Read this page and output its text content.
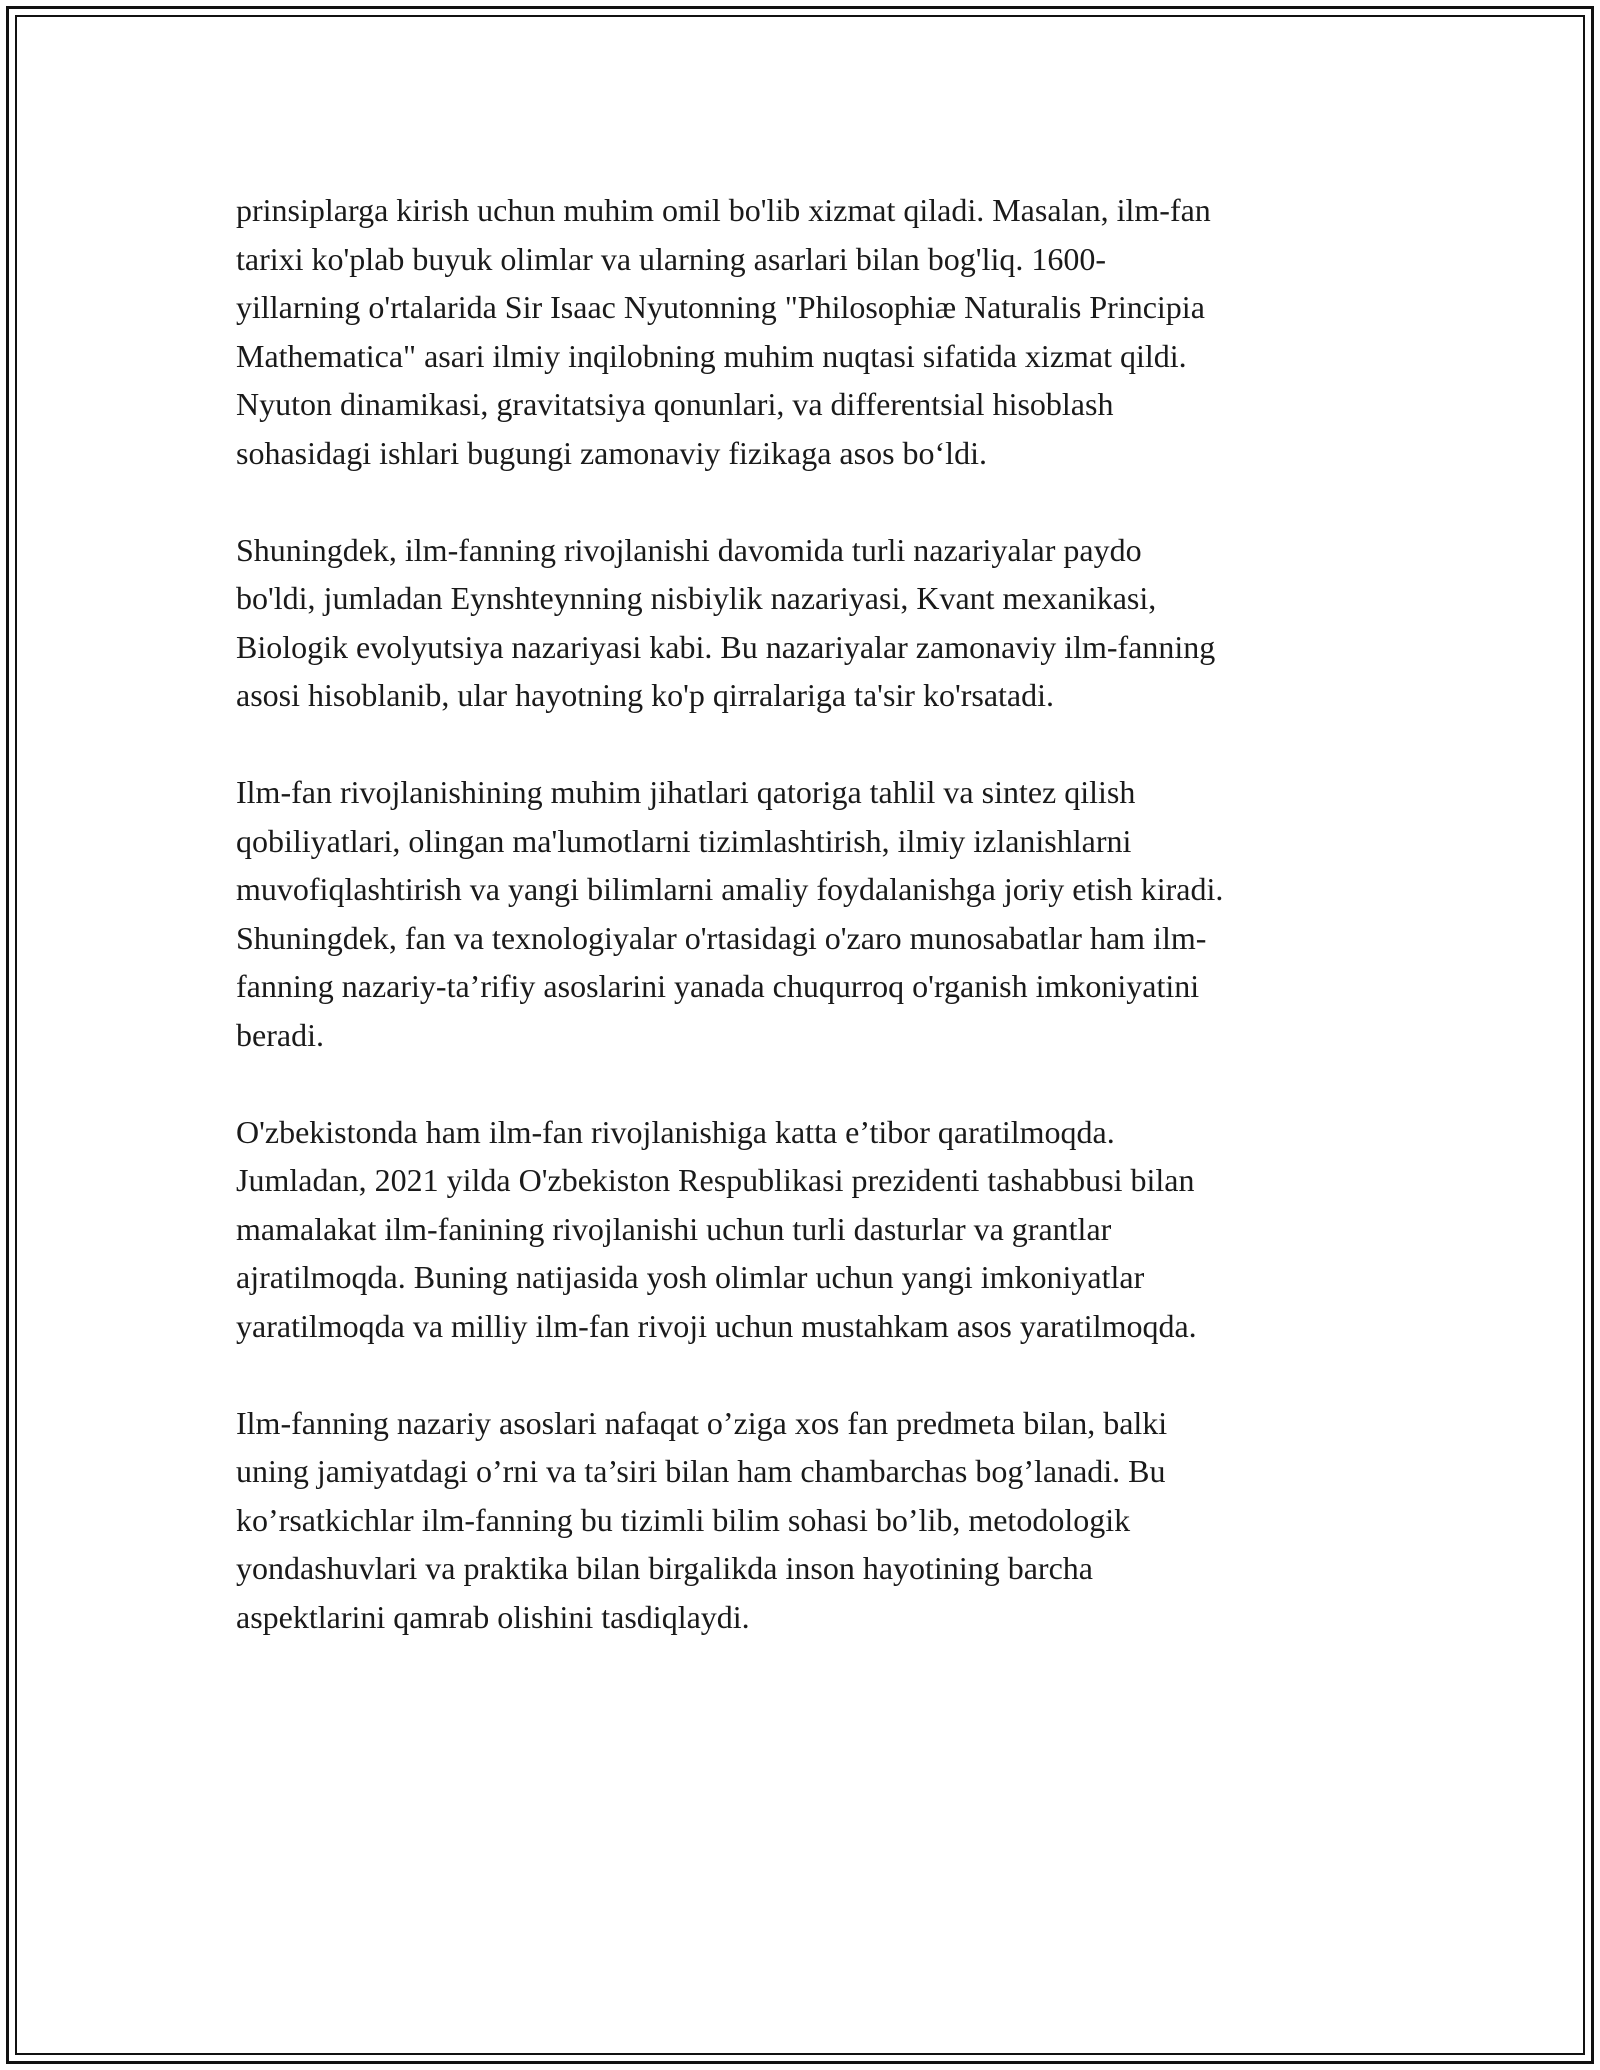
prinsiplarga kirish uchun muhim omil bo'lib xizmat qiladi. Masalan, ilm-fan
tarixi ko'plab buyuk olimlar va ularning asarlari bilan bog'liq. 1600-
yillarning o'rtalarida Sir Isaac Nyutonning "Philosophiæ Naturalis Principia
Mathematica" asari ilmiy inqilobning muhim nuqtasi sifatida xizmat qildi.
Nyuton dinamikasi, gravitatsiya qonunlari, va differentsial hisoblash
sohasidagi ishlari bugungi zamonaviy fizikaga asos bo‘ldi.

Shuningdek, ilm-fanning rivojlanishi davomida turli nazariyalar paydo
bo'ldi, jumladan Eynshteynning nisbiylik nazariyasi, Kvant mexanikasi,
Biologik evolyutsiya nazariyasi kabi. Bu nazariyalar zamonaviy ilm-fanning
asosi hisoblanib, ular hayotning ko'p qirralariga ta'sir ko'rsatadi.

Ilm-fan rivojlanishining muhim jihatlari qatoriga tahlil va sintez qilish
qobiliyatlari, olingan ma'lumotlarni tizimlashtirish, ilmiy izlanishlarni
muvofiqlashtirish va yangi bilimlarni amaliy foydalanishga joriy etish kiradi.
Shuningdek, fan va texnologiyalar o'rtasidagi o'zaro munosabatlar ham ilm-
fanning nazariy-ta’rifiy asoslarini yanada chuqurroq o'rganish imkoniyatini
beradi.

O'zbekistonda ham ilm-fan rivojlanishiga katta e’tibor qaratilmoqda.
Jumladan, 2021 yilda O'zbekiston Respublikasi prezidenti tashabbusi bilan
mamalakat ilm-fanining rivojlanishi uchun turli dasturlar va grantlar
ajratilmoqda. Buning natijasida yosh olimlar uchun yangi imkoniyatlar
yaratilmoqda va milliy ilm-fan rivoji uchun mustahkam asos yaratilmoqda.

Ilm-fanning nazariy asoslari nafaqat o’ziga xos fan predmeta bilan, balki
uning jamiyatdagi o’rni va ta’siri bilan ham chambarchas bog’lanadi. Bu
ko’rsatkichlar ilm-fanning bu tizimli bilim sohasi bo’lib, metodologik
yondashuvlari va praktika bilan birgalikda inson hayotining barcha
aspektlarini qamrab olishini tasdiqlaydi.
